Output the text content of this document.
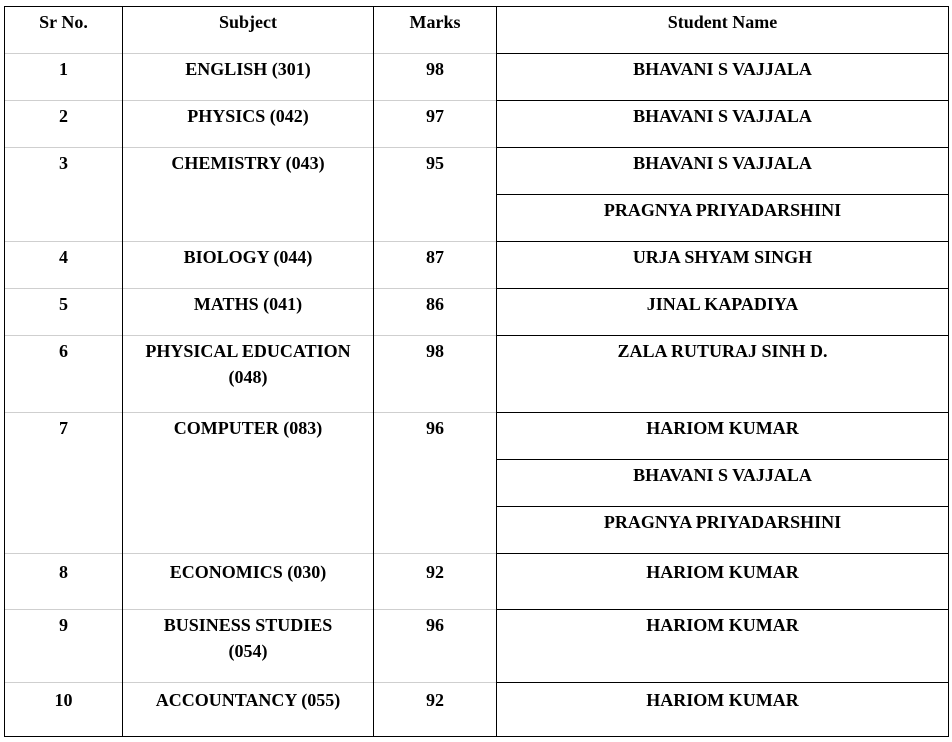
Sr No.	Subject	Marks	Student Name
1	ENGLISH (301)	98	BHAVANI S VAJJALA
2	PHYSICS (042)	97	BHAVANI S VAJJALA
3	CHEMISTRY (043)	95	BHAVANI S VAJJALA
			PRAGNYA PRIYADARSHINI
4	BIOLOGY (044)	87	URJA SHYAM SINGH
5	MATHS (041)	86	JINAL KAPADIYA
6	PHYSICAL EDUCATION (048)	98	ZALA RUTURAJ SINH D.
7	COMPUTER (083)	96	HARIOM KUMAR
			BHAVANI S VAJJALA
			PRAGNYA PRIYADARSHINI
8	ECONOMICS (030)	92	HARIOM KUMAR
9	BUSINESS STUDIES (054)	96	HARIOM KUMAR
10	ACCOUNTANCY (055)	92	HARIOM KUMAR
